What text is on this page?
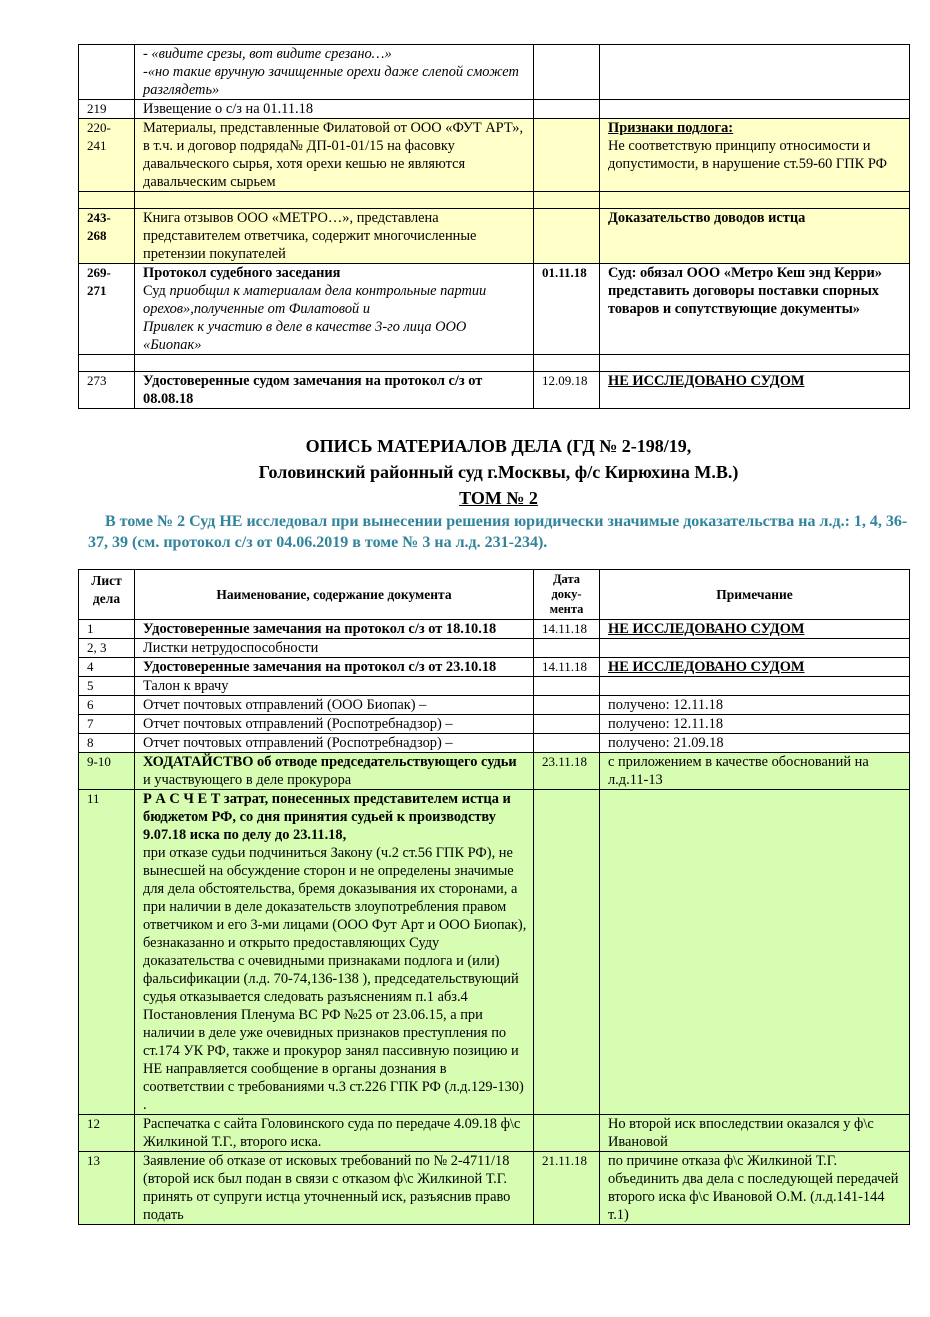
	- «видите срезы, вот видите срезано…»
-«но такие вручную зачищенные орехи даже слепой сможет разглядеть»		

219	Извещение о с/з на 01.11.18		
220-241	Материалы, представленные Филатовой от ООО «ФУТ АРТ», в т.ч. и договор подряда№ ДП-01-01/15 на фасовку давальческого сырья, хотя орехи кешью не являются давальческим сырьем		Признаки подлога:
Не соответствую принципу относимости и допустимости, в нарушение ст.59-60 ГПК РФ

243-268	Книга отзывов ООО «МЕТРО…», представлена представителем ответчика, содержит многочисленные претензии покупателей		Доказательство доводов истца
269-271	Протокол судебного заседания
Суд приобщил к материалам дела контрольные партии орехов»,полученные от Филатовой и
Привлек к участию в деле в качестве 3-го лица ООО «Биопак»	01.11.18	Суд: обязал ООО «Метро Кеш энд Керри» представить договоры поставки спорных товаров и сопутствующие документы»

273	Удостоверенные судом замечания на протокол с/з от 08.08.18	12.09.18	НЕ ИССЛЕДОВАНО СУДОМ
ОПИСЬ МАТЕРИАЛОВ ДЕЛА (ГД № 2-198/19,
Головинский районный суд г.Москвы, ф/с Кирюхина М.В.)
ТОМ № 2
В томе № 2 Суд НЕ исследовал при вынесении решения юридически значимые доказательства на л.д.: 1, 4, 36-37, 39 (см. протокол с/з от 04.06.2019 в томе № 3 на л.д. 231-234).
Лист дела	Наименование, содержание документа	Дата доку-мента	Примечание
1	Удостоверенные замечания на протокол с/з от 18.10.18	14.11.18	НЕ ИССЛЕДОВАНО СУДОМ
2, 3	Листки нетрудоспособности		
4	Удостоверенные замечания на протокол с/з от 23.10.18	14.11.18	НЕ ИССЛЕДОВАНО СУДОМ
5	Талон к врачу		
6	Отчет почтовых отправлений (ООО Биопак) –		получено: 12.11.18
7	Отчет почтовых отправлений (Роспотребнадзор) –		получено: 12.11.18
8	Отчет почтовых отправлений (Роспотребнадзор) –		получено: 21.09.18
9-10	ХОДАТАЙСТВО об отводе председательствующего судьи и участвующего в деле прокурора	23.11.18	с приложением в качестве обоснований на л.д.11-13
11	Р А С Ч Е Т затрат, понесенных представителем истца и бюджетом РФ, со дня принятия судьей к производству 9.07.18 иска по делу до 23.11.18,
при отказе судьи подчиниться Закону (ч.2 ст.56 ГПК РФ), не вынесшей на обсуждение сторон и не определены значимые для дела обстоятельства, бремя доказывания их сторонами, а при наличии в деле доказательств злоупотребления правом ответчиком и его 3-ми лицами (ООО Фут Арт и ООО Биопак), безнаказанно и открыто предоставляющих Суду доказательства с очевидными признаками подлога и (или) фальсификации (л.д. 70-74,136-138 ), председательствующий судья отказывается следовать разъяснениям п.1 абз.4 Постановления Пленума ВС РФ №25 от 23.06.15, а при наличии в деле уже очевидных признаков преступления по ст.174 УК РФ, также и прокурор занял пассивную позицию и НЕ направляется сообщение в органы дознания в соответствии с требованиями ч.3 ст.226 ГПК РФ (л.д.129-130) .		

12	Распечатка с сайта Головинского суда по передаче 4.09.18 ф\с Жилкиной Т.Г., второго иска.		Но второй иск впоследствии оказался у ф\с Ивановой
13	Заявление об отказе от исковых требований по № 2-4711/18 (второй иск был подан в связи с отказом ф\с Жилкиной Т.Г. принять от супруги истца уточненный иск, разъяснив право подать	21.11.18	по причине отказа ф\с Жилкиной Т.Г. объединить два дела с последующей передачей второго иска ф\с Ивановой О.М. (л.д.141-144 т.1)
